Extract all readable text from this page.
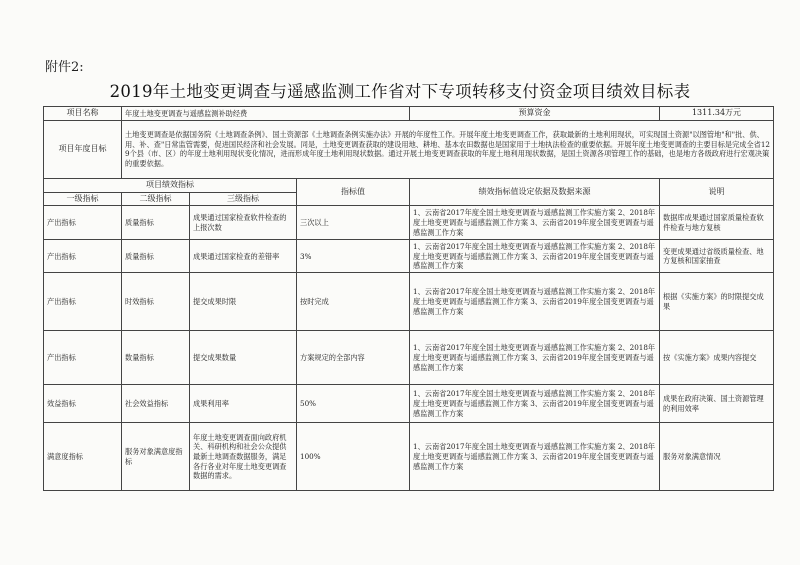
附件2:
2019年土地变更调查与遥感监测工作省对下专项转移支付资金项目绩效目标表
项目名称	年度土地变更调查与遥感监测补助经费			预算资金	1311.34万元
项目年度目标	土地变更调查是依据国务院《土地调查条例》、国土资源部《土地调查条例实施办法》开展的年度性工作。开展年度土地变更调查工作，获取最新的土地利用现状，可实现国土资源"以图管地"和"批、供、用、补、查"日常监管需要，促进国民经济和社会发展。同是，土地变更调查获取的建设用地、耕地、基本农田数据也是国家用于土地执法检查的重要依据。开展年度土地变更调查的主要目标是完成全省129个县（市、区）的年度土地利用现状变化情况，进而形成年度土地利用现状数据。通过开展土地变更调查获取的年度土地利用现状数据，是国土资源各项管理工作的基础，也是地方各级政府进行宏观决策的重要依据。				
项目绩效指标			指标值	绩效指标值设定依据及数据来源	说明
一级指标	二级指标	三级指标			
产出指标	质量指标	成果通过国家检查软件检查的上报次数	三次以上	1、云南省2017年度全国土地变更调查与遥感监测工作实施方案 2、2018年度土地变更调查与遥感监测工作方案 3、云南省2019年度全国变更调查与遥感监测工作方案	数据库成果通过国家质量检查软件检查与地方复核
产出指标	质量指标	成果通过国家检查的差错率	3%	1、云南省2017年度全国土地变更调查与遥感监测工作实施方案 2、2018年度土地变更调查与遥感监测工作方案 3、云南省2019年度全国变更调查与遥感监测工作方案	变更成果通过省级质量检查、地方复核和国家抽查
产出指标	时效指标	提交成果时限	按时完成	1、云南省2017年度全国土地变更调查与遥感监测工作实施方案 2、2018年度土地变更调查与遥感监测工作方案 3、云南省2019年度全国变更调查与遥感监测工作方案	根据《实施方案》的时限提交成果
产出指标	数量指标	提交成果数量	方案规定的全部内容	1、云南省2017年度全国土地变更调查与遥感监测工作实施方案 2、2018年度土地变更调查与遥感监测工作方案 3、云南省2019年度全国变更调查与遥感监测工作方案	按《实施方案》成果内容提交
效益指标	社会效益指标	成果利用率	50%	1、云南省2017年度全国土地变更调查与遥感监测工作实施方案 2、2018年度土地变更调查与遥感监测工作方案 3、云南省2019年度全国变更调查与遥感监测工作方案	成果在政府决策、国土资源管理的利用效率
满意度指标	服务对象满意度指标	年度土地变更调查面向政府机关、科研机构和社会公众提供最新土地调查数据服务，满足各行各业对年度土地变更调查数据的需求。	100%	1、云南省2017年度全国土地变更调查与遥感监测工作实施方案 2、2018年度土地变更调查与遥感监测工作方案 3、云南省2019年度全国变更调查与遥感监测工作方案	服务对象满意情况
